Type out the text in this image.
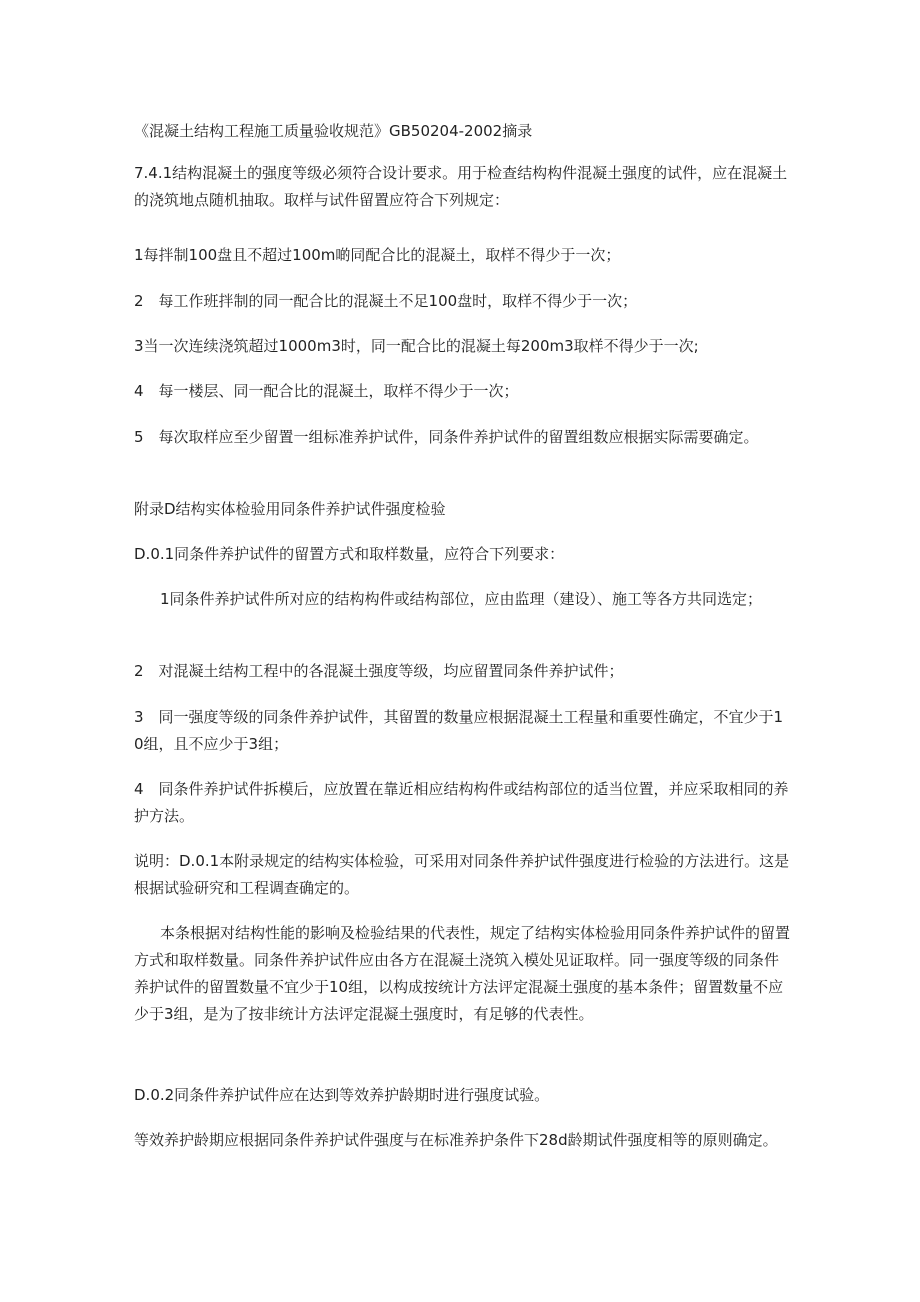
《混凝土结构工程施工质量验收规范》GB50204-2002摘录

7.4.1结构混凝土的强度等级必须符合设计要求。用于检查结构构件混凝土强度的试件，应在混凝土的浇筑地点随机抽取。取样与试件留置应符合下列规定：

1每拌制100盘且不超过100m啲同配合比的混凝土，取样不得少于一次；

2　每工作班拌制的同一配合比的混凝土不足100盘时，取样不得少于一次；

3当一次连续浇筑超过1000m3时，同一配合比的混凝土每200m3取样不得少于一次;

4　每一楼层、同一配合比的混凝土，取样不得少于一次；

5　每次取样应至少留置一组标准养护试件，同条件养护试件的留置组数应根据实际需要确定。

附录D结构实体检验用同条件养护试件强度检验

D.0.1同条件养护试件的留置方式和取样数量，应符合下列要求：

1同条件养护试件所对应的结构构件或结构部位，应由监理（建设）、施工等各方共同选定；

2　对混凝土结构工程中的各混凝土强度等级，均应留置同条件养护试件；

3　同一强度等级的同条件养护试件，其留置的数量应根据混凝土工程量和重要性确定，不宜少于10组，且不应少于3组；

4　同条件养护试件拆模后，应放置在靠近相应结构构件或结构部位的适当位置，并应采取相同的养护方法。

说明：D.0.1本附录规定的结构实体检验，可采用对同条件养护试件强度进行检验的方法进行。这是根据试验研究和工程调查确定的。

本条根据对结构性能的影响及检验结果的代表性，规定了结构实体检验用同条件养护试件的留置方式和取样数量。同条件养护试件应由各方在混凝土浇筑入模处见证取样。同一强度等级的同条件养护试件的留置数量不宜少于10组，以构成按统计方法评定混凝土强度的基本条件；留置数量不应少于3组，是为了按非统计方法评定混凝土强度时，有足够的代表性。

D.0.2同条件养护试件应在达到等效养护龄期时进行强度试验。

等效养护龄期应根据同条件养护试件强度与在标准养护条件下28d龄期试件强度相等的原则确定。
